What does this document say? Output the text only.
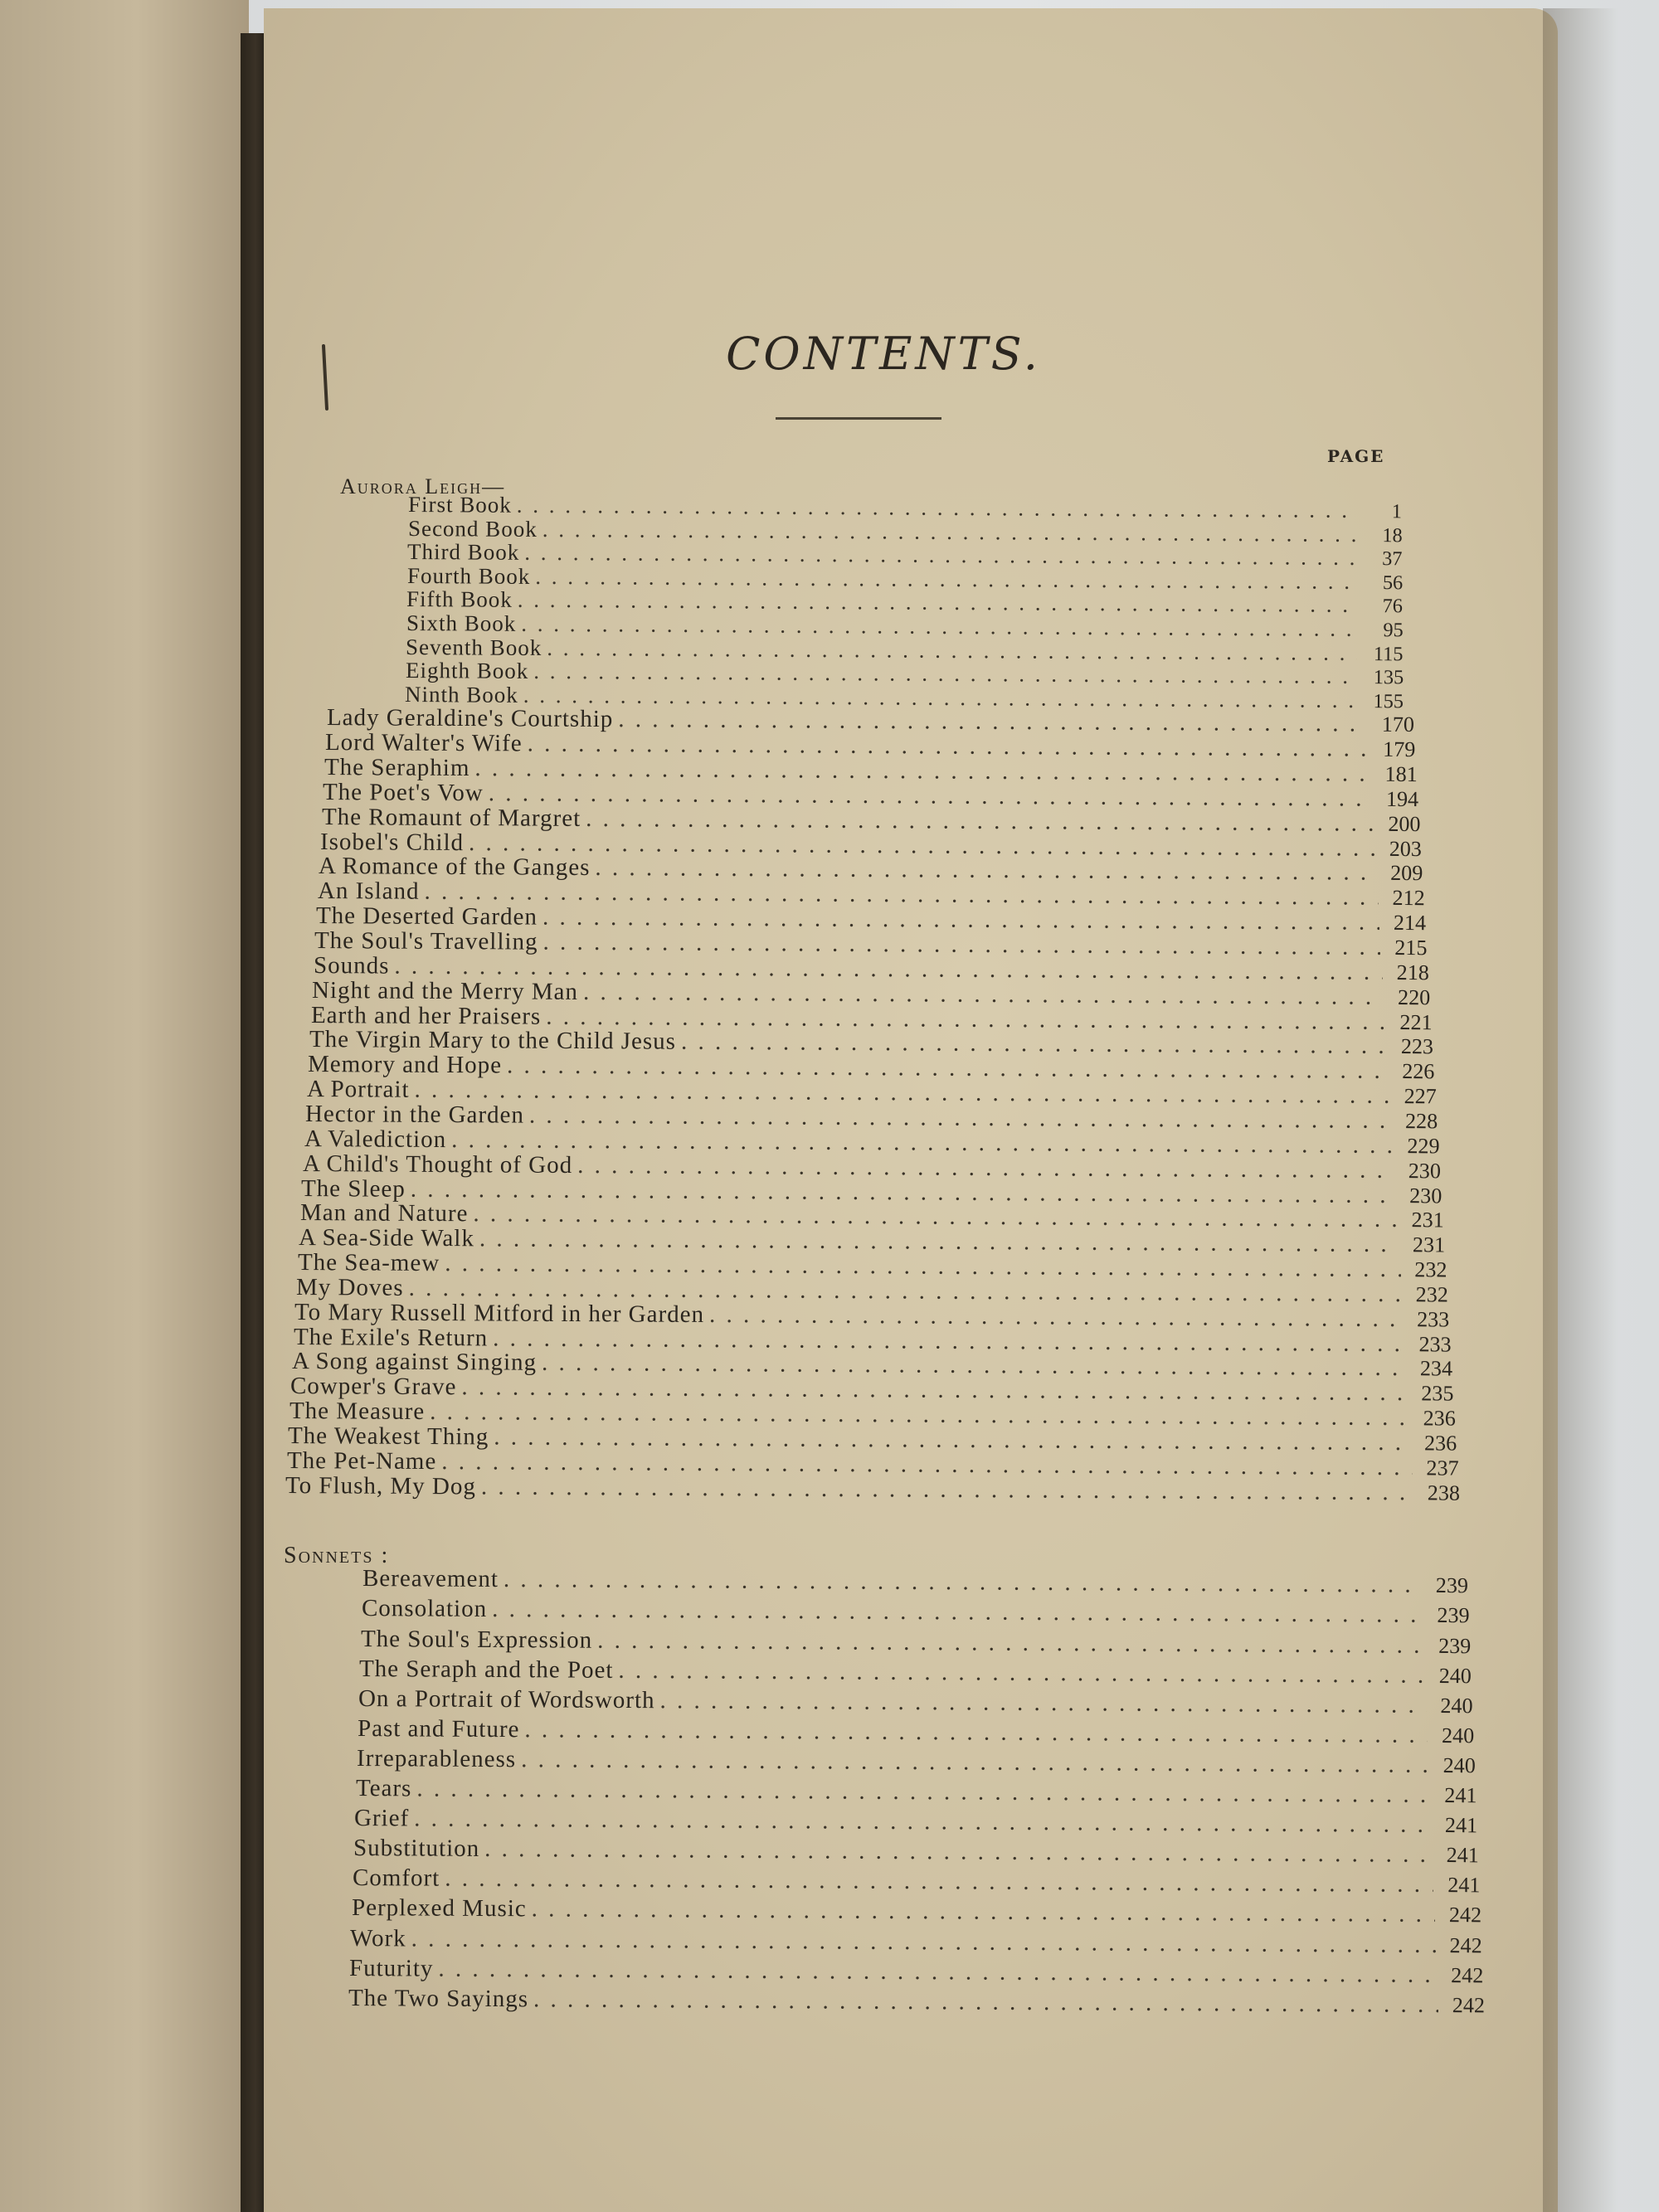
CONTENTS.
PAGE
Aurora Leigh—
First Book . . .	1
Second Book . . .	18
Third Book . . .	37
Fourth Book . . .	56
Fifth Book . . .	76
Sixth Book . . .	95
Seventh Book . . .	115
Eighth Book . . .	135
Ninth Book . . .	155
Lady Geraldine's Courtship . . .	170
Lord Walter's Wife . . .	179
The Seraphim . . .	181
The Poet's Vow . . .	194
The Romaunt of Margret . . .	200
Isobel's Child . . .	203
A Romance of the Ganges . . .	209
An Island . . .	212
The Deserted Garden . . .	214
The Soul's Travelling . . .	215
Sounds . . .	218
Night and the Merry Man . . .	220
Earth and her Praisers . . .	221
The Virgin Mary to the Child Jesus . . .	223
Memory and Hope . . .	226
A Portrait . . .	227
Hector in the Garden . . .	228
A Valediction . . .	229
A Child's Thought of God . . .	230
The Sleep . . .	230
Man and Nature . . .	231
A Sea-Side Walk . . .	231
The Sea-mew . . .	232
My Doves . . .	232
To Mary Russell Mitford in her Garden . . .	233
The Exile's Return . . .	233
A Song against Singing . . .	234
Cowper's Grave . . .	235
The Measure . . .	236
The Weakest Thing . . .	236
The Pet-Name . . .	237
To Flush, My Dog . . .	238
Sonnets :
Bereavement . . .	239
Consolation . . .	239
The Soul's Expression . . .	239
The Seraph and the Poet . . .	240
On a Portrait of Wordsworth . . .	240
Past and Future . . .	240
Irreparableness . . .	240
Tears . . .	241
Grief . . .	241
Substitution . . .	241
Comfort . . .	241
Perplexed Music . . .	242
Work . . .	242
Futurity . . .	242
The Two Sayings . . .	242
